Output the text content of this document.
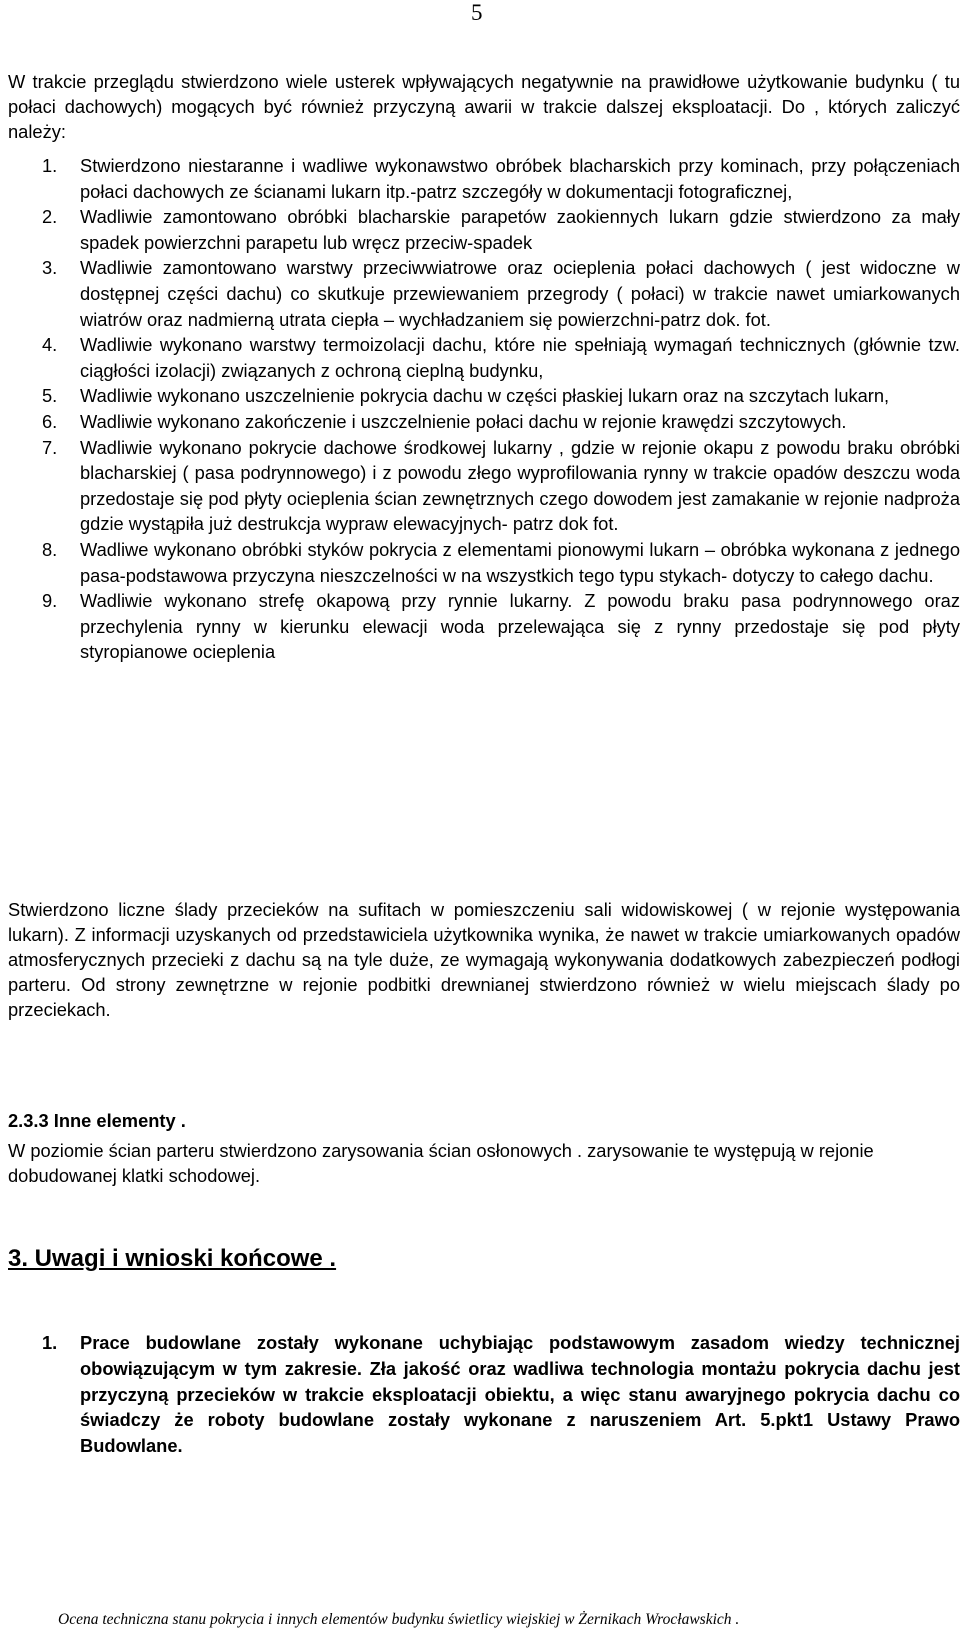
5
W trakcie przeglądu stwierdzono wiele usterek wpływających negatywnie na prawidłowe użytkowanie budynku ( tu połaci dachowych) mogących być również przyczyną awarii w trakcie dalszej eksploatacji. Do , których zaliczyć należy:
1. Stwierdzono niestaranne i wadliwe wykonawstwo obróbek blacharskich przy kominach, przy połączeniach połaci dachowych ze ścianami lukarn itp.-patrz szczegóły w dokumentacji fotograficznej,
2. Wadliwie zamontowano obróbki blacharskie parapetów zaokiennych lukarn gdzie stwierdzono za mały spadek powierzchni parapetu lub wręcz przeciw-spadek
3. Wadliwie zamontowano warstwy przeciwwiatrowe oraz ocieplenia połaci dachowych ( jest widoczne w dostępnej części dachu) co skutkuje przewiewaniem przegrody ( połaci) w trakcie nawet umiarkowanych wiatrów oraz nadmierną utrata ciepła – wychładzaniem się powierzchni-patrz dok. fot.
4. Wadliwie wykonano warstwy termoizolacji dachu, które nie spełniają wymagań technicznych (głównie tzw. ciągłości izolacji) związanych z ochroną cieplną budynku,
5. Wadliwie wykonano uszczelnienie pokrycia dachu w części płaskiej lukarn oraz na szczytach lukarn,
6. Wadliwie wykonano zakończenie i uszczelnienie połaci dachu w rejonie krawędzi szczytowych.
7. Wadliwie wykonano pokrycie dachowe środkowej lukarny , gdzie w rejonie okapu z powodu braku obróbki blacharskiej ( pasa podrynnowego) i z powodu złego wyprofilowania rynny w trakcie opadów deszczu woda przedostaje się pod płyty ocieplenia ścian zewnętrznych czego dowodem jest zamakanie w rejonie nadproża gdzie wystąpiła już destrukcja wypraw elewacyjnych- patrz dok fot.
8. Wadliwe wykonano obróbki styków pokrycia z elementami pionowymi lukarn – obróbka wykonana z jednego pasa-podstawowa przyczyna nieszczelności w na wszystkich tego typu stykach- dotyczy to całego dachu.
9. Wadliwie wykonano strefę okapową przy rynnie lukarny. Z powodu braku pasa podrynnowego oraz przechylenia rynny w kierunku elewacji woda przelewająca się z rynny przedostaje się pod płyty styropianowe ocieplenia
Stwierdzono liczne ślady przecieków na sufitach w pomieszczeniu sali widowiskowej ( w rejonie występowania lukarn). Z informacji uzyskanych od przedstawiciela użytkownika wynika, że nawet w trakcie umiarkowanych opadów atmosferycznych przecieki z dachu są na tyle duże, ze wymagają wykonywania dodatkowych zabezpieczeń podłogi parteru. Od strony zewnętrzne w rejonie podbitki drewnianej stwierdzono również w wielu miejscach ślady po przeciekach.
2.3.3 Inne elementy .
W poziomie ścian parteru stwierdzono zarysowania ścian osłonowych . zarysowanie te występują w rejonie dobudowanej klatki schodowej.
3. Uwagi i wnioski końcowe .
1. Prace budowlane zostały wykonane uchybiając podstawowym zasadom wiedzy technicznej obowiązującym w tym zakresie. Zła jakość oraz wadliwa technologia montażu pokrycia dachu jest przyczyną przecieków w trakcie eksploatacji obiektu, a więc stanu awaryjnego pokrycia dachu co świadczy że roboty budowlane zostały wykonane z naruszeniem Art. 5.pkt1 Ustawy Prawo Budowlane.
Ocena techniczna stanu pokrycia i innych elementów budynku świetlicy wiejskiej w Żernikach Wrocławskich .
